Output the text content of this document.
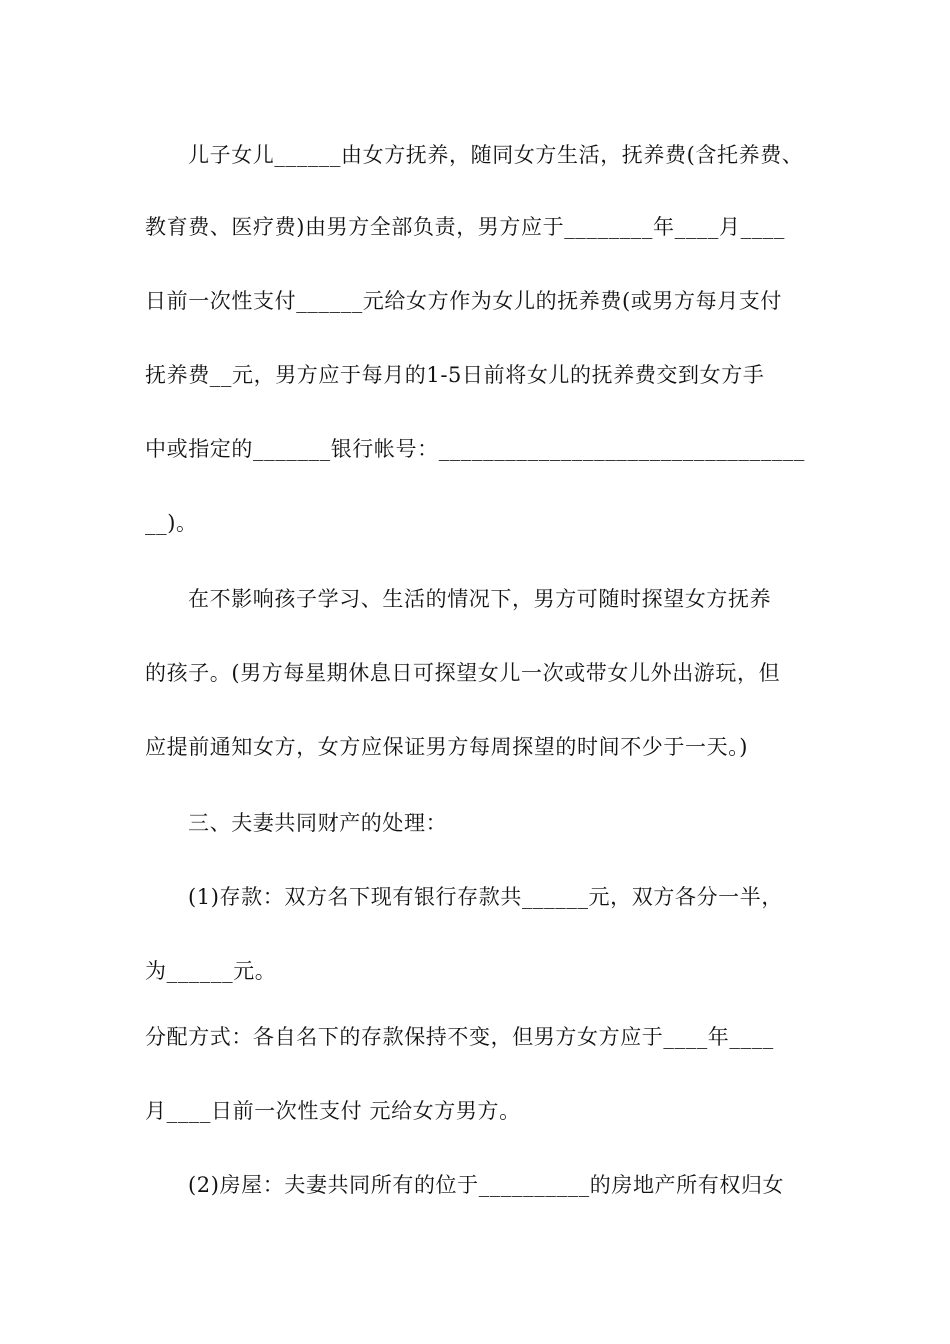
儿子女儿______由女方抚养，随同女方生活，抚养费(含托养费、
教育费、医疗费)由男方全部负责，男方应于________年____月____
日前一次性支付______元给女方作为女儿的抚养费(或男方每月支付
抚养费__元，男方应于每月的1-5日前将女儿的抚养费交到女方手
中或指定的_______银行帐号：_________________________________
__)。
在不影响孩子学习、生活的情况下，男方可随时探望女方抚养
的孩子。(男方每星期休息日可探望女儿一次或带女儿外出游玩，但
应提前通知女方，女方应保证男方每周探望的时间不少于一天。)
三、夫妻共同财产的处理：
(1)存款：双方名下现有银行存款共______元，双方各分一半，
为______元。
分配方式：各自名下的存款保持不变，但男方女方应于____年____
月____日前一次性支付 元给女方男方。
(2)房屋：夫妻共同所有的位于__________的房地产所有权归女
